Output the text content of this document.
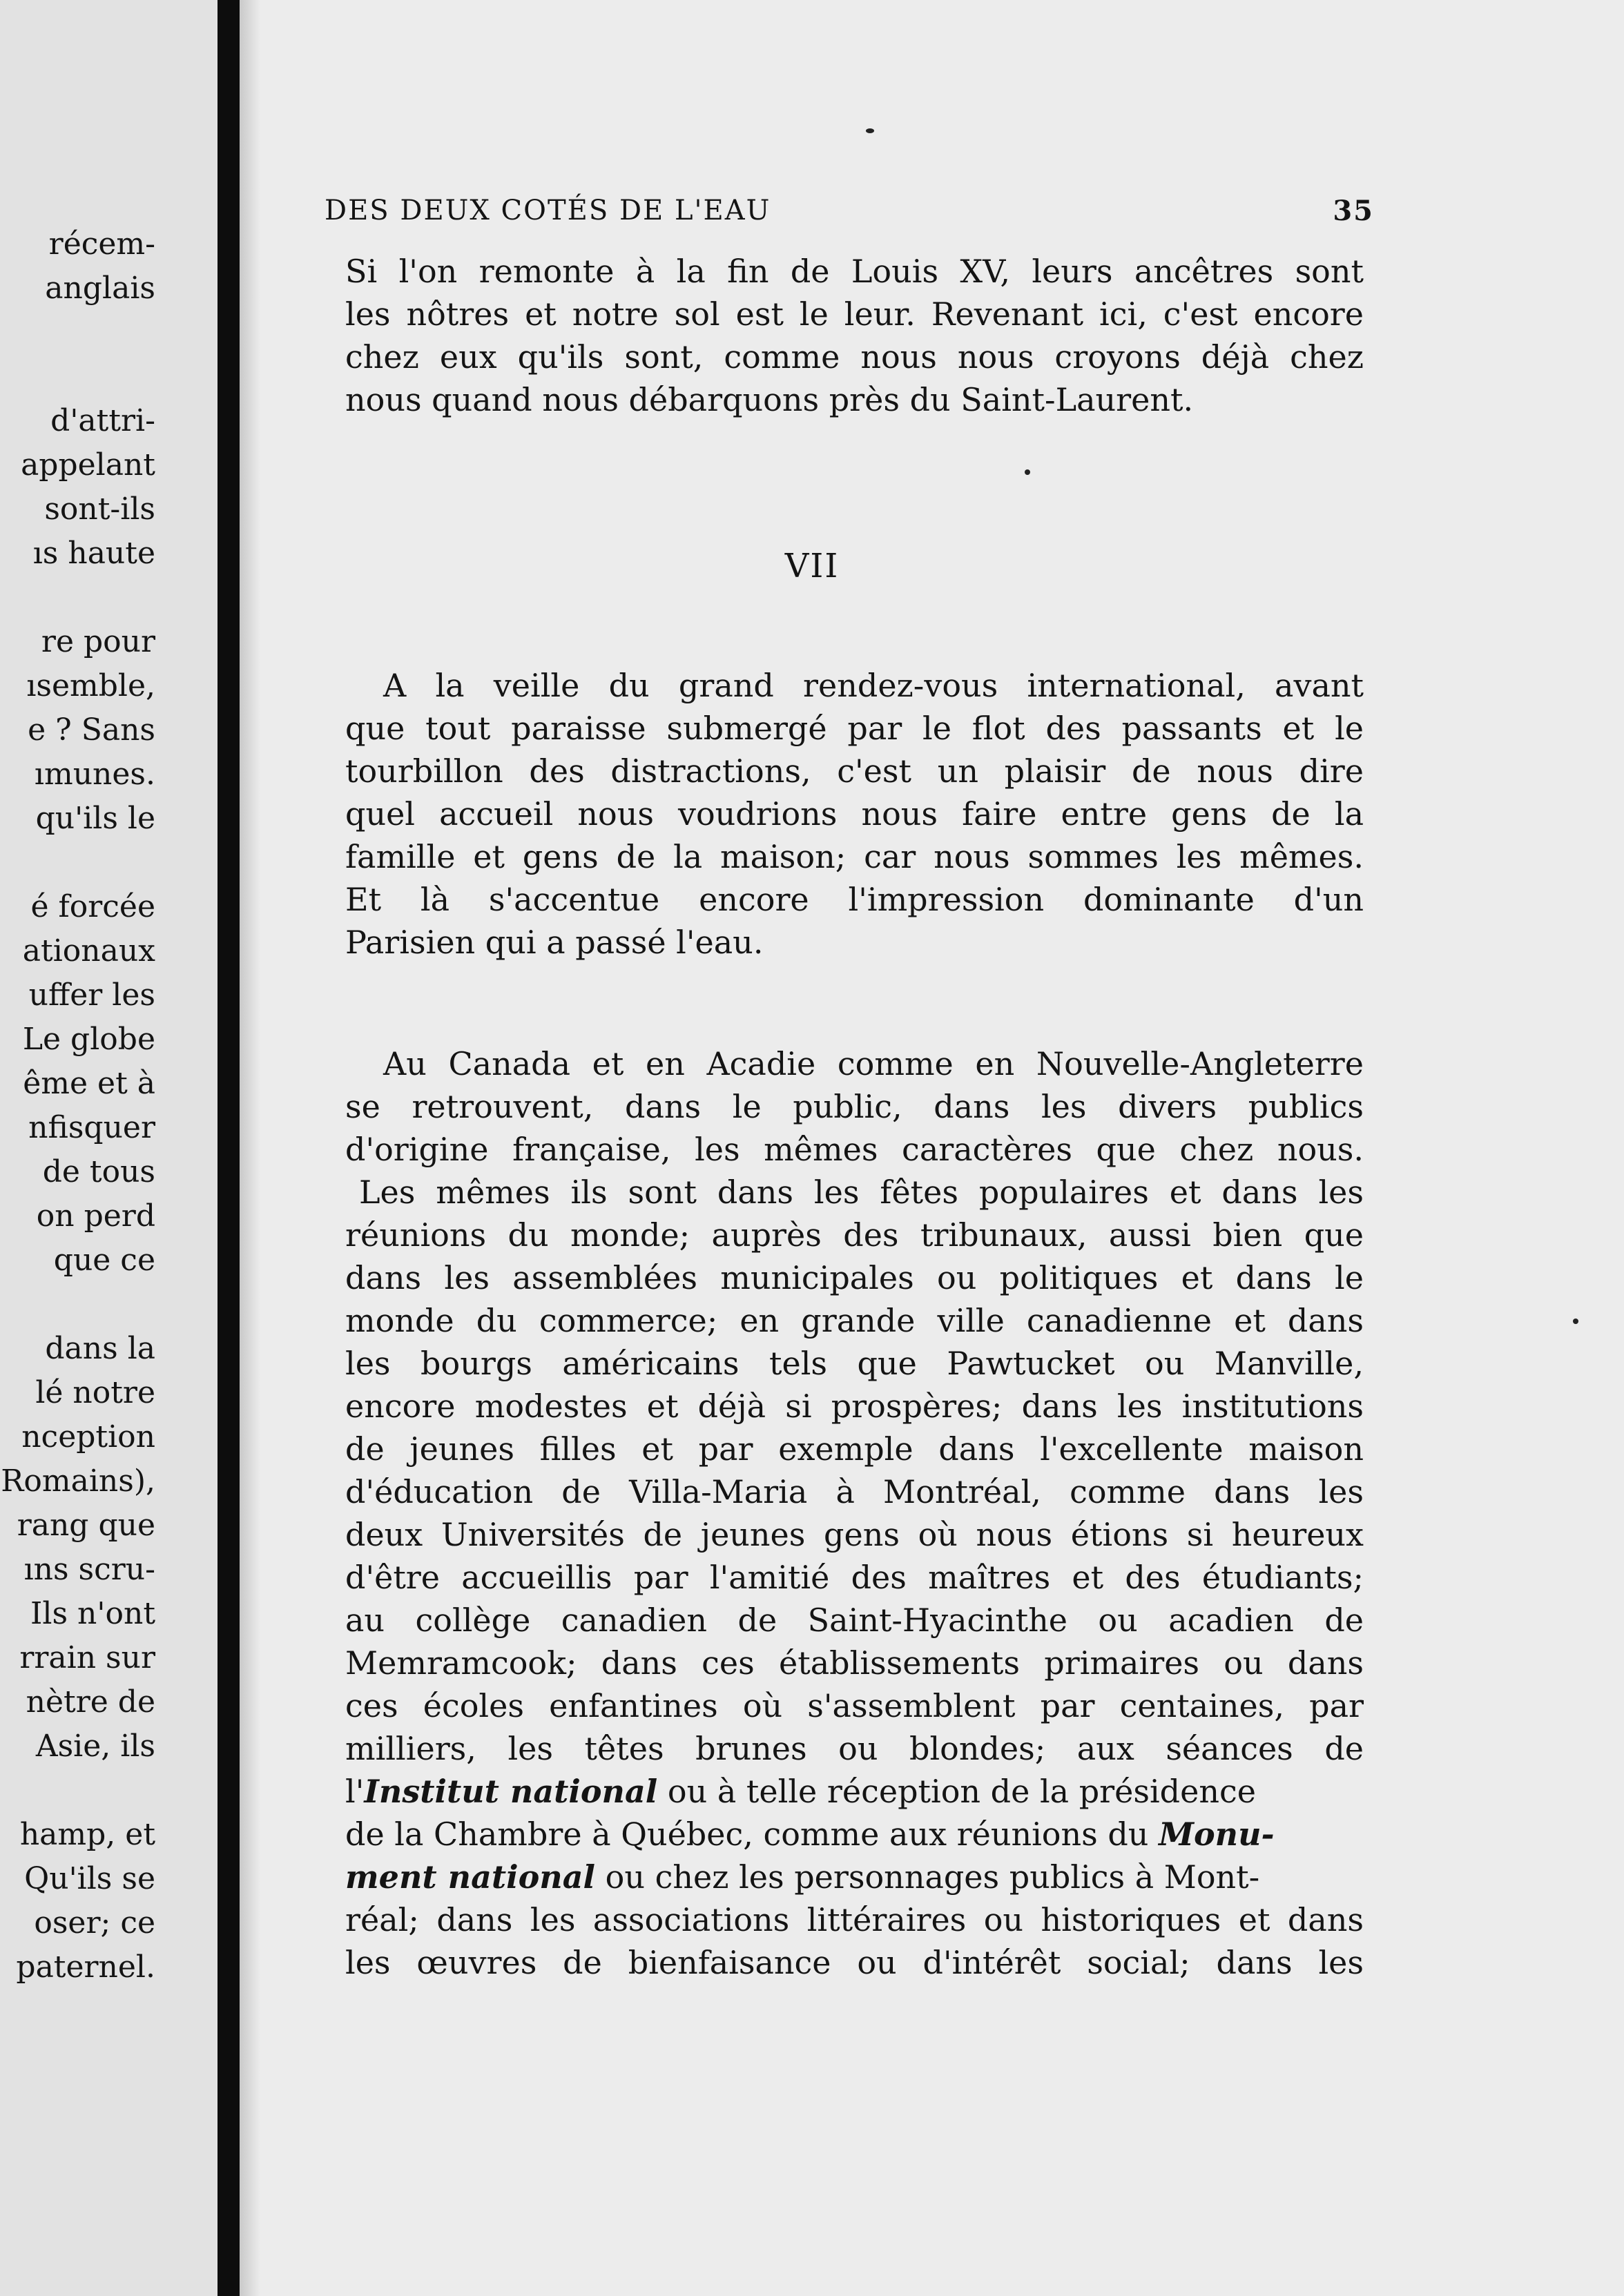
récem-
anglais
d'attri-
appelant
sont-ils
ıs haute
re pour
ısemble,
e ? Sans
ımunes.
qu'ils le
é forcée
ationaux
uffer les
Le globe
ême et à
nfisquer
de tous
on perd
que ce
dans la
lé notre
nception
Romains),
rang que
ıns scru-
Ils n'ont
rrain sur
nètre de
Asie, ils
hamp, et
Qu'ils se
oser; ce
paternel.
DES DEUX COTÉS DE L'EAU	35
Si l'on remonte à la fin de Louis XV, leurs ancêtres sont
les nôtres et notre sol est le leur. Revenant ici, c'est encore
chez eux qu'ils sont, comme nous nous croyons déjà chez
nous quand nous débarquons près du Saint-Laurent.
VII
A la veille du grand rendez-vous international, avant
que tout paraisse submergé par le flot des passants et le
tourbillon des distractions, c'est un plaisir de nous dire
quel accueil nous voudrions nous faire entre gens de la
famille et gens de la maison; car nous sommes les mêmes.
Et là s'accentue encore l'impression dominante d'un
Parisien qui a passé l'eau.
Au Canada et en Acadie comme en Nouvelle-Angleterre
se retrouvent, dans le public, dans les divers publics
d'origine française, les mêmes caractères que chez nous.
Les mêmes ils sont dans les fêtes populaires et dans les
réunions du monde; auprès des tribunaux, aussi bien que
dans les assemblées municipales ou politiques et dans le
monde du commerce; en grande ville canadienne et dans
les bourgs américains tels que Pawtucket ou Manville,
encore modestes et déjà si prospères; dans les institutions
de jeunes filles et par exemple dans l'excellente maison
d'éducation de Villa-Maria à Montréal, comme dans les
deux Universités de jeunes gens où nous étions si heureux
d'être accueillis par l'amitié des maîtres et des étudiants;
au collège canadien de Saint-Hyacinthe ou acadien de
Memramcook; dans ces établissements primaires ou dans
ces écoles enfantines où s'assemblent par centaines, par
milliers, les têtes brunes ou blondes; aux séances de
l'Institut national ou à telle réception de la présidence
de la Chambre à Québec, comme aux réunions du Monu-
ment national ou chez les personnages publics à Mont-
réal; dans les associations littéraires ou historiques et dans
les œuvres de bienfaisance ou d'intérêt social; dans les
